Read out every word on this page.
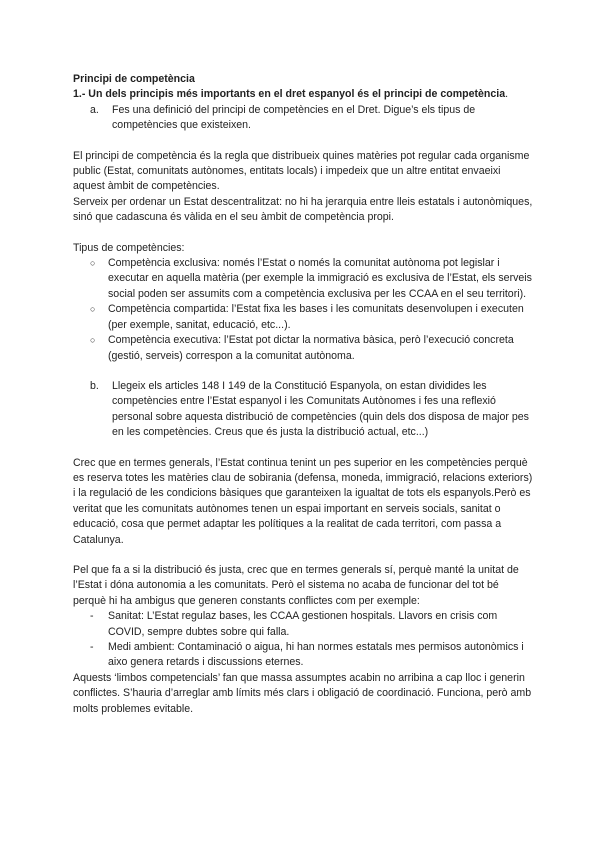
Principi de competència

1.- Un dels principis més importants en el dret espanyol és el principi de competència.

a.	Fes una definició del principi de competències en el Dret. Digue’s els tipus de competències que existeixen.

El principi de competència és la regla que distribueix quines matèries pot regular cada organisme public (Estat, comunitats autònomes, entitats locals) i impedeix que un altre entitat envaeixi aquest àmbit de competències.

Serveix per ordenar un Estat descentralitzat: no hi ha jerarquia entre lleis estatals i autonòmiques, sinó que cadascuna és vàlida en el seu àmbit de competència propi.

Tipus de competències:

○	Competència exclusiva: només l’Estat o només la comunitat autònoma pot legislar i executar en aquella matèria (per exemple la immigració es exclusiva de l’Estat, els serveis social poden ser assumits com a competència exclusiva per les CCAA en el seu territori).
○	Competència compartida: l’Estat fixa les bases i les comunitats desenvolupen i executen (per exemple, sanitat, educació, etc...).
○	Competència executiva: l’Estat pot dictar la normativa bàsica, però l’execució concreta (gestió, serveis) correspon a la comunitat autònoma.
b.	Llegeix els articles 148 I 149 de la Constitució Espanyola, on estan dividides les competències entre l’Estat espanyol i les Comunitats Autònomes i fes una reflexió personal sobre aquesta distribució de competències (quin dels dos disposa de major pes en les competències. Creus que és justa la distribució actual, etc...)

Crec que en termes generals, l’Estat continua tenint un pes superior en les competències perquè es reserva totes les matèries clau de sobirania (defensa, moneda, immigració, relacions exteriors) i la regulació de les condicions bàsiques que garanteixen la igualtat de tots els espanyols.Però es veritat que les comunitats autònomes tenen un espai important en serveis socials, sanitat o educació, cosa que permet adaptar les polítiques a la realitat de cada territori, com passa a Catalunya.

Pel que fa a si la distribució és justa, crec que en termes generals sí, perquè manté la unitat de l’Estat i dóna autonomia a les comunitats. Però el sistema no acaba de funcionar del tot bé perquè hi ha ambigus que generen constants conflictes com per exemple:

-	Sanitat: L’Estat regulaz bases, les CCAA gestionen hospitals. Llavors en crisis com COVID, sempre dubtes sobre qui falla.
-	Medi ambient: Contaminació o aigua, hi han normes estatals mes permisos autonòmics i aixo genera retards i discussions eternes.

Aquests ‘limbos competencials’ fan que massa assumptes acabin no arribina a cap lloc i generin conflictes. S’hauria d’arreglar amb límits més clars i obligació de coordinació. Funciona, però amb molts problemes evitable.
